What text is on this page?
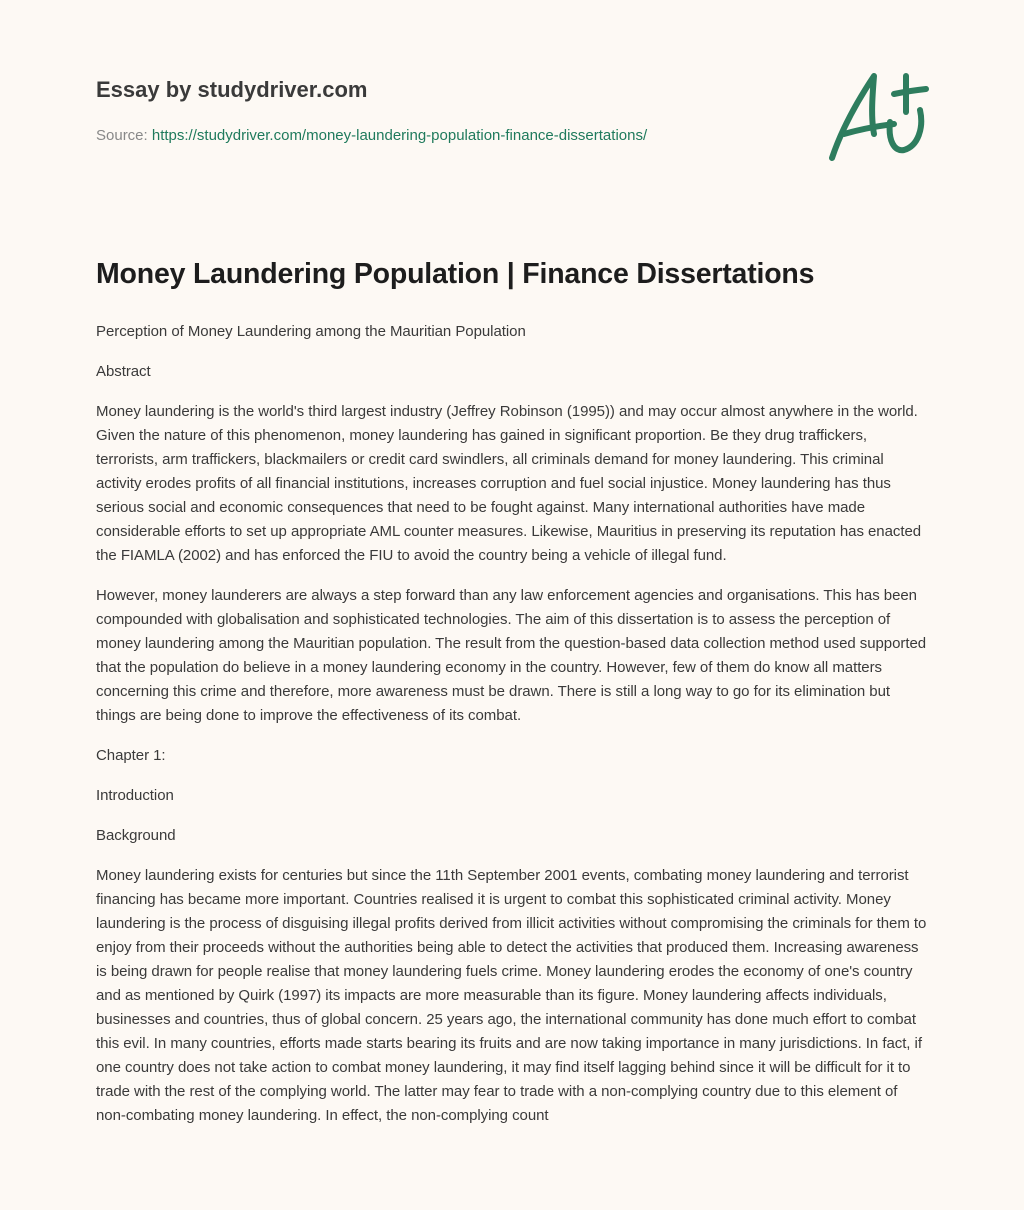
Essay by studydriver.com
Source: https://studydriver.com/money-laundering-population-finance-dissertations/
Money Laundering Population | Finance Dissertations

Perception of Money Laundering among the Mauritian Population

Abstract

Money laundering is the world's third largest industry (Jeffrey Robinson (1995)) and may occur almost anywhere in the world. Given the nature of this phenomenon, money laundering has gained in significant proportion. Be they drug traffickers, terrorists, arm traffickers, blackmailers or credit card swindlers, all criminals demand for money laundering. This criminal activity erodes profits of all financial institutions, increases corruption and fuel social injustice. Money laundering has thus serious social and economic consequences that need to be fought against. Many international authorities have made considerable efforts to set up appropriate AML counter measures. Likewise, Mauritius in preserving its reputation has enacted the FIAMLA (2002) and has enforced the FIU to avoid the country being a vehicle of illegal fund.

However, money launderers are always a step forward than any law enforcement agencies and organisations. This has been compounded with globalisation and sophisticated technologies. The aim of this dissertation is to assess the perception of money laundering among the Mauritian population. The result from the question-based data collection method used supported that the population do believe in a money laundering economy in the country. However, few of them do know all matters concerning this crime and therefore, more awareness must be drawn. There is still a long way to go for its elimination but things are being done to improve the effectiveness of its combat.

Chapter 1:

Introduction

Background

Money laundering exists for centuries but since the 11th September 2001 events, combating money laundering and terrorist financing has became more important. Countries realised it is urgent to combat this sophisticated criminal activity. Money laundering is the process of disguising illegal profits derived from illicit activities without compromising the criminals for them to enjoy from their proceeds without the authorities being able to detect the activities that produced them. Increasing awareness is being drawn for people realise that money laundering fuels crime. Money laundering erodes the economy of one's country and as mentioned by Quirk (1997) its impacts are more measurable than its figure. Money laundering affects individuals, businesses and countries, thus of global concern. 25 years ago, the international community has done much effort to combat this evil. In many countries, efforts made starts bearing its fruits and are now taking importance in many jurisdictions. In fact, if one country does not take action to combat money laundering, it may find itself lagging behind since it will be difficult for it to trade with the rest of the complying world. The latter may fear to trade with a non-complying country due to this element of non-combating money laundering. In effect, the non-complying count
